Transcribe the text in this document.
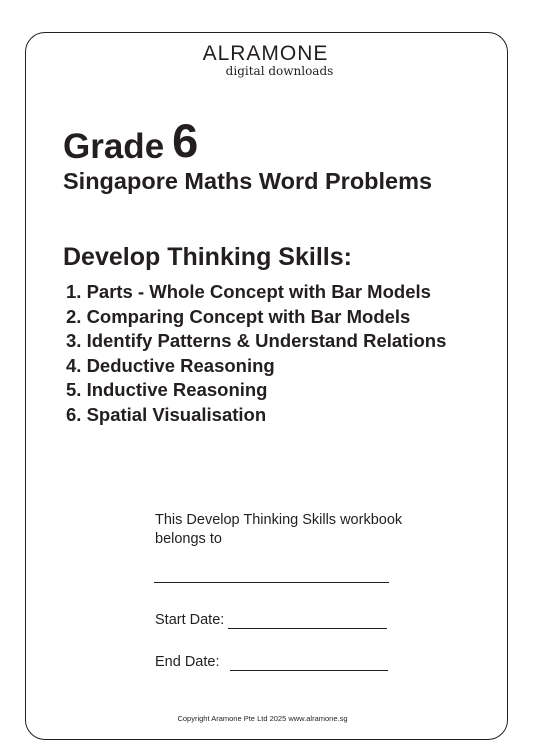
ALRAMONE
digital downloads
Grade 6
Singapore Maths Word Problems
Develop Thinking Skills:
1. Parts - Whole Concept with Bar Models
2. Comparing Concept with Bar Models
3. Identify Patterns & Understand Relations
4. Deductive Reasoning
5. Inductive Reasoning
6. Spatial Visualisation
This Develop Thinking Skills workbook
belongs to
Start Date:
End Date:
Copyright Aramone Pte Ltd 2025 www.alramone.sg
